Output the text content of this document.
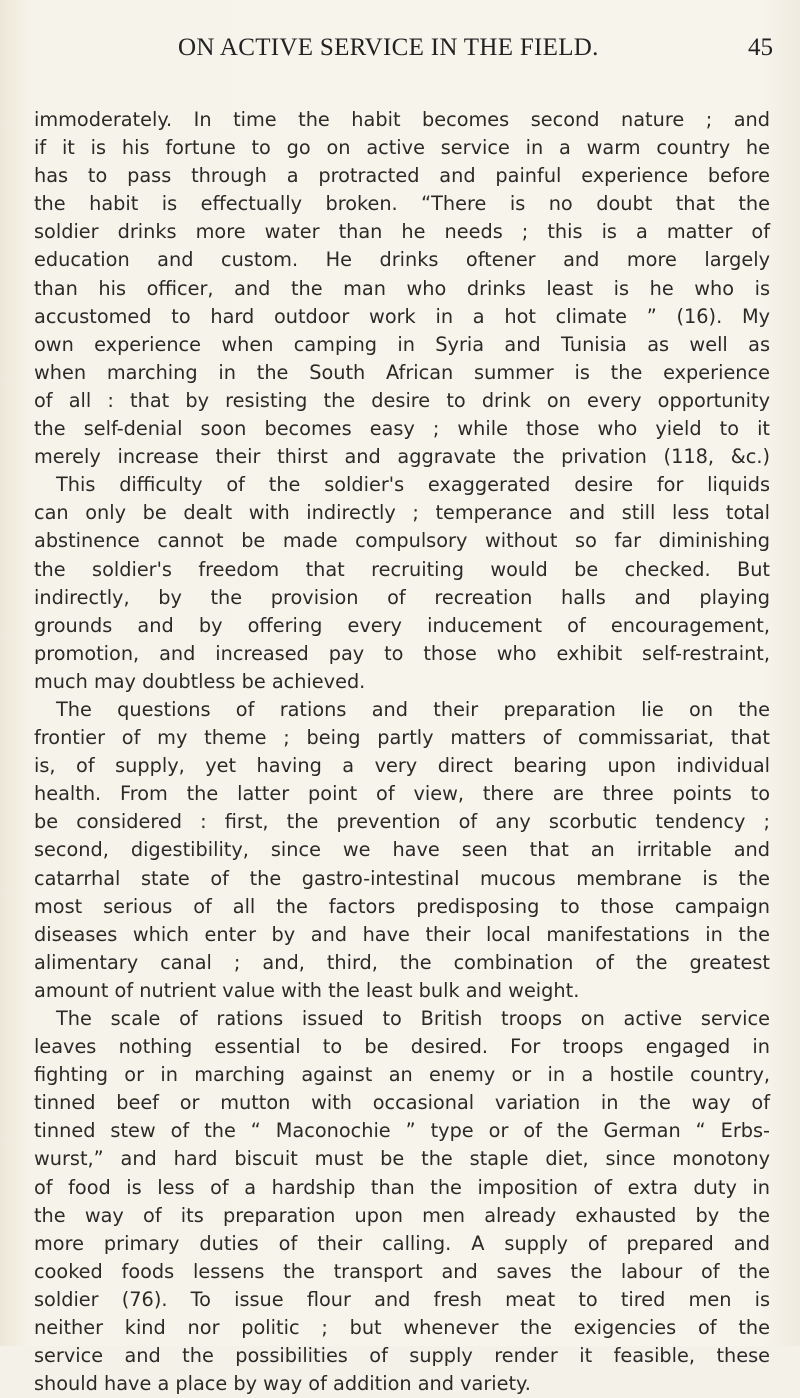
ON ACTIVE SERVICE IN THE FIELD.	45
immoderately. In time the habit becomes second nature ; and
if it is his fortune to go on active service in a warm country he
has to pass through a protracted and painful experience before
the habit is effectually broken. “There is no doubt that the
soldier drinks more water than he needs ; this is a matter of
education and custom. He drinks oftener and more largely
than his officer, and the man who drinks least is he who is
accustomed to hard outdoor work in a hot climate ” (16). My
own experience when camping in Syria and Tunisia as well as
when marching in the South African summer is the experience
of all : that by resisting the desire to drink on every opportunity
the self-denial soon becomes easy ; while those who yield to it
merely increase their thirst and aggravate the privation (118, &c.)
This difficulty of the soldier's exaggerated desire for liquids
can only be dealt with indirectly ; temperance and still less total
abstinence cannot be made compulsory without so far diminishing
the soldier's freedom that recruiting would be checked. But
indirectly, by the provision of recreation halls and playing
grounds and by offering every inducement of encouragement,
promotion, and increased pay to those who exhibit self-restraint,
much may doubtless be achieved.
The questions of rations and their preparation lie on the
frontier of my theme ; being partly matters of commissariat, that
is, of supply, yet having a very direct bearing upon individual
health. From the latter point of view, there are three points to
be considered : first, the prevention of any scorbutic tendency ;
second, digestibility, since we have seen that an irritable and
catarrhal state of the gastro-intestinal mucous membrane is the
most serious of all the factors predisposing to those campaign
diseases which enter by and have their local manifestations in the
alimentary canal ; and, third, the combination of the greatest
amount of nutrient value with the least bulk and weight.
The scale of rations issued to British troops on active service
leaves nothing essential to be desired. For troops engaged in
fighting or in marching against an enemy or in a hostile country,
tinned beef or mutton with occasional variation in the way of
tinned stew of the “ Maconochie ” type or of the German “ Erbs-
wurst,” and hard biscuit must be the staple diet, since monotony
of food is less of a hardship than the imposition of extra duty in
the way of its preparation upon men already exhausted by the
more primary duties of their calling. A supply of prepared and
cooked foods lessens the transport and saves the labour of the
soldier (76). To issue flour and fresh meat to tired men is
neither kind nor politic ; but whenever the exigencies of the
service and the possibilities of supply render it feasible, these
should have a place by way of addition and variety.
